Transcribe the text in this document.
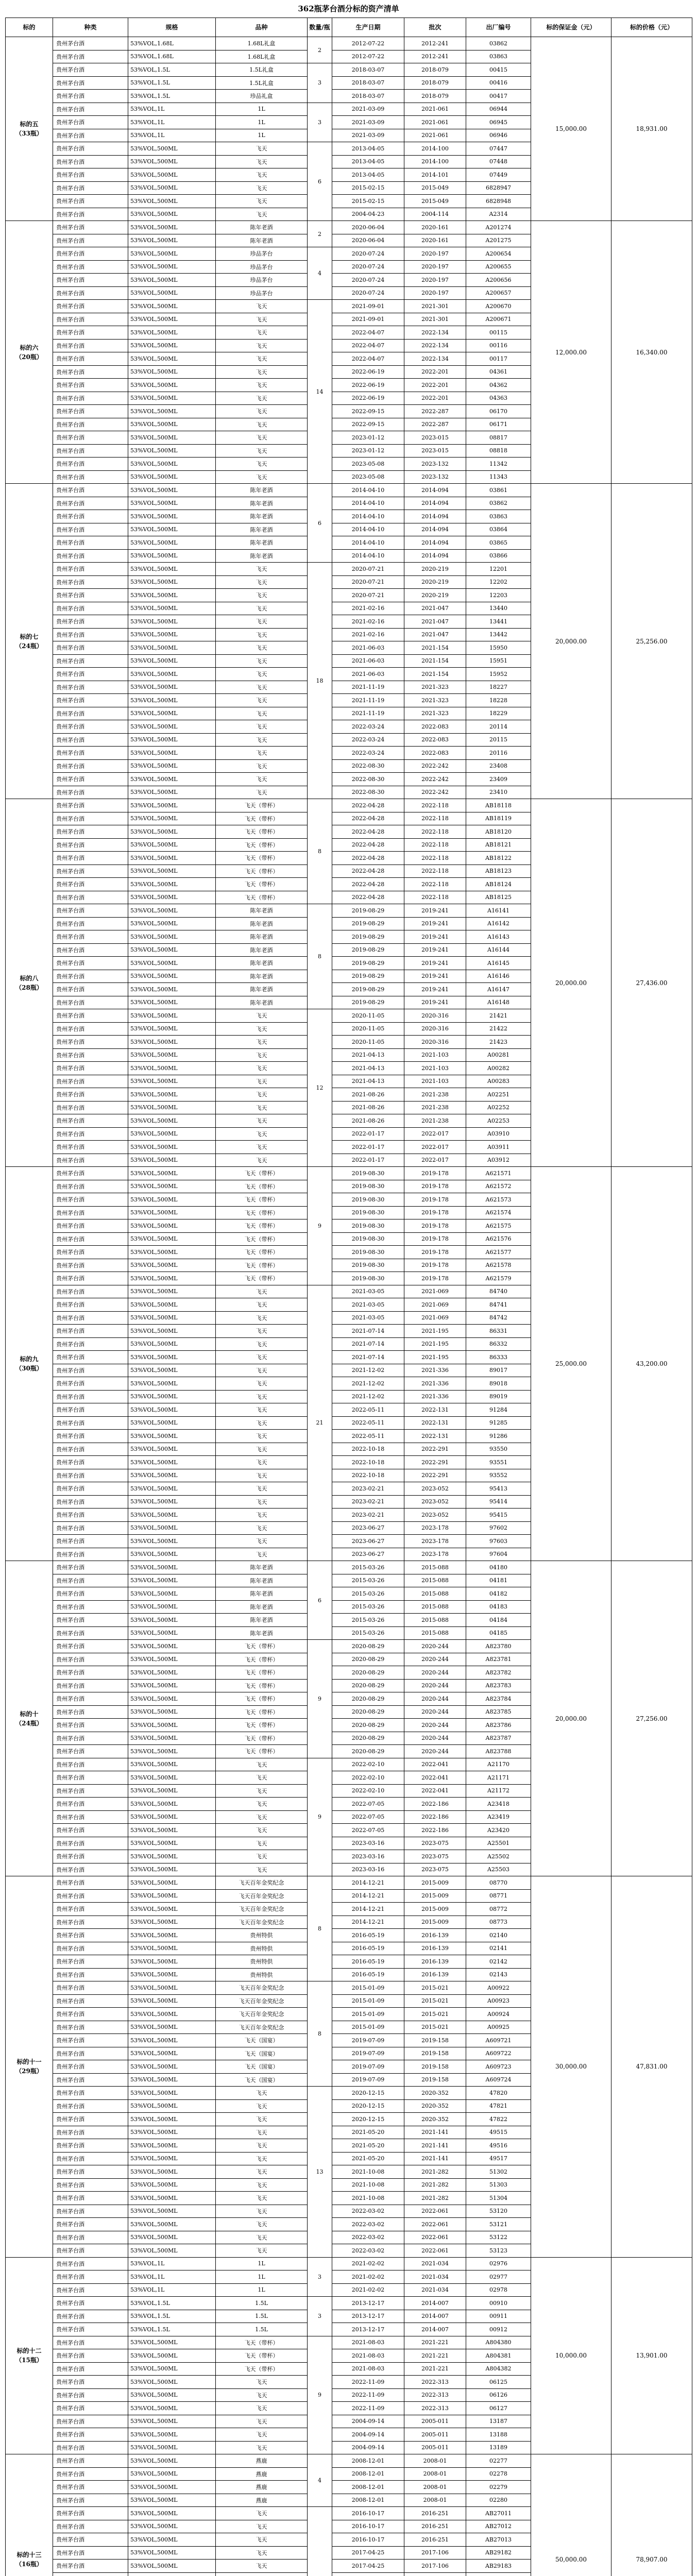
362瓶茅台酒分标的资产清单
标的	种类	规格	品种	数量/瓶	生产日期	批次	出厂编号	标的保证金（元）	标的价格（元）
标的五
（33瓶）	贵州茅台酒	53%VOL,1.68L	1.68L礼盒	2	2012-07-22	2012-241	03862	15,000.00	18,931.00
	贵州茅台酒	53%VOL,1.68L	1.68L礼盒		2012-07-22	2012-241	03863		
	贵州茅台酒	53%VOL,1.5L	1.5L礼盒	3	2018-03-07	2018-079	00415		
	贵州茅台酒	53%VOL,1.5L	1.5L礼盒		2018-03-07	2018-079	00416		
	贵州茅台酒	53%VOL,1.5L	珍品礼盒		2018-03-07	2018-079	00417		
	贵州茅台酒	53%VOL,1L	1L	3	2021-03-09	2021-061	06944		
	贵州茅台酒	53%VOL,1L	1L		2021-03-09	2021-061	06945		
	贵州茅台酒	53%VOL,1L	1L		2021-03-09	2021-061	06946		
	贵州茅台酒	53%VOL,500ML	飞天	6	2013-04-05	2014-100	07447		
	贵州茅台酒	53%VOL,500ML	飞天		2013-04-05	2014-100	07448		
	贵州茅台酒	53%VOL,500ML	飞天		2013-04-05	2014-101	07449		
	贵州茅台酒	53%VOL,500ML	飞天		2015-02-15	2015-049	6828947		
	贵州茅台酒	53%VOL,500ML	飞天		2015-02-15	2015-049	6828948		
	贵州茅台酒	53%VOL,500ML	飞天		2004-04-23	2004-114	A2314		
标的六
（20瓶）	贵州茅台酒	53%VOL,500ML	陈年老酒	2	2020-06-04	2020-161	A201274	12,000.00	16,340.00
	贵州茅台酒	53%VOL,500ML	陈年老酒		2020-06-04	2020-161	A201275		
	贵州茅台酒	53%VOL,500ML	珍品茅台	4	2020-07-24	2020-197	A200654		
	贵州茅台酒	53%VOL,500ML	珍品茅台		2020-07-24	2020-197	A200655		
	贵州茅台酒	53%VOL,500ML	珍品茅台		2020-07-24	2020-197	A200656		
	贵州茅台酒	53%VOL,500ML	珍品茅台		2020-07-24	2020-197	A200657		
	贵州茅台酒	53%VOL,500ML	飞天	14	2021-09-01	2021-301	A200670		
	贵州茅台酒	53%VOL,500ML	飞天		2021-09-01	2021-301	A200671		
	贵州茅台酒	53%VOL,500ML	飞天		2022-04-07	2022-134	00115		
	贵州茅台酒	53%VOL,500ML	飞天		2022-04-07	2022-134	00116		
	贵州茅台酒	53%VOL,500ML	飞天		2022-04-07	2022-134	00117		
	贵州茅台酒	53%VOL,500ML	飞天		2022-06-19	2022-201	04361		
	贵州茅台酒	53%VOL,500ML	飞天		2022-06-19	2022-201	04362		
	贵州茅台酒	53%VOL,500ML	飞天		2022-06-19	2022-201	04363		
	贵州茅台酒	53%VOL,500ML	飞天		2022-09-15	2022-287	06170		
	贵州茅台酒	53%VOL,500ML	飞天		2022-09-15	2022-287	06171		
	贵州茅台酒	53%VOL,500ML	飞天		2023-01-12	2023-015	08817		
	贵州茅台酒	53%VOL,500ML	飞天		2023-01-12	2023-015	08818		
	贵州茅台酒	53%VOL,500ML	飞天		2023-05-08	2023-132	11342		
	贵州茅台酒	53%VOL,500ML	飞天		2023-05-08	2023-132	11343		
标的七
（24瓶）	贵州茅台酒	53%VOL,500ML	陈年老酒	6	2014-04-10	2014-094	03861	20,000.00	25,256.00
	贵州茅台酒	53%VOL,500ML	陈年老酒		2014-04-10	2014-094	03862		
	贵州茅台酒	53%VOL,500ML	陈年老酒		2014-04-10	2014-094	03863		
	贵州茅台酒	53%VOL,500ML	陈年老酒		2014-04-10	2014-094	03864		
	贵州茅台酒	53%VOL,500ML	陈年老酒		2014-04-10	2014-094	03865		
	贵州茅台酒	53%VOL,500ML	陈年老酒		2014-04-10	2014-094	03866		
	贵州茅台酒	53%VOL,500ML	飞天	18	2020-07-21	2020-219	12201		
	贵州茅台酒	53%VOL,500ML	飞天		2020-07-21	2020-219	12202		
	贵州茅台酒	53%VOL,500ML	飞天		2020-07-21	2020-219	12203		
	贵州茅台酒	53%VOL,500ML	飞天		2021-02-16	2021-047	13440		
	贵州茅台酒	53%VOL,500ML	飞天		2021-02-16	2021-047	13441		
	贵州茅台酒	53%VOL,500ML	飞天		2021-02-16	2021-047	13442		
	贵州茅台酒	53%VOL,500ML	飞天		2021-06-03	2021-154	15950		
	贵州茅台酒	53%VOL,500ML	飞天		2021-06-03	2021-154	15951		
	贵州茅台酒	53%VOL,500ML	飞天		2021-06-03	2021-154	15952		
	贵州茅台酒	53%VOL,500ML	飞天		2021-11-19	2021-323	18227		
	贵州茅台酒	53%VOL,500ML	飞天		2021-11-19	2021-323	18228		
	贵州茅台酒	53%VOL,500ML	飞天		2021-11-19	2021-323	18229		
	贵州茅台酒	53%VOL,500ML	飞天		2022-03-24	2022-083	20114		
	贵州茅台酒	53%VOL,500ML	飞天		2022-03-24	2022-083	20115		
	贵州茅台酒	53%VOL,500ML	飞天		2022-03-24	2022-083	20116		
	贵州茅台酒	53%VOL,500ML	飞天		2022-08-30	2022-242	23408		
	贵州茅台酒	53%VOL,500ML	飞天		2022-08-30	2022-242	23409		
	贵州茅台酒	53%VOL,500ML	飞天		2022-08-30	2022-242	23410		
标的八
（28瓶）	贵州茅台酒	53%VOL,500ML	飞天（带杯）	8	2022-04-28	2022-118	AB18118	20,000.00	27,436.00
	贵州茅台酒	53%VOL,500ML	飞天（带杯）		2022-04-28	2022-118	AB18119		
	贵州茅台酒	53%VOL,500ML	飞天（带杯）		2022-04-28	2022-118	AB18120		
	贵州茅台酒	53%VOL,500ML	飞天（带杯）		2022-04-28	2022-118	AB18121		
	贵州茅台酒	53%VOL,500ML	飞天（带杯）		2022-04-28	2022-118	AB18122		
	贵州茅台酒	53%VOL,500ML	飞天（带杯）		2022-04-28	2022-118	AB18123		
	贵州茅台酒	53%VOL,500ML	飞天（带杯）		2022-04-28	2022-118	AB18124		
	贵州茅台酒	53%VOL,500ML	飞天（带杯）		2022-04-28	2022-118	AB18125		
	贵州茅台酒	53%VOL,500ML	陈年老酒	8	2019-08-29	2019-241	A16141		
	贵州茅台酒	53%VOL,500ML	陈年老酒		2019-08-29	2019-241	A16142		
	贵州茅台酒	53%VOL,500ML	陈年老酒		2019-08-29	2019-241	A16143		
	贵州茅台酒	53%VOL,500ML	陈年老酒		2019-08-29	2019-241	A16144		
	贵州茅台酒	53%VOL,500ML	陈年老酒		2019-08-29	2019-241	A16145		
	贵州茅台酒	53%VOL,500ML	陈年老酒		2019-08-29	2019-241	A16146		
	贵州茅台酒	53%VOL,500ML	陈年老酒		2019-08-29	2019-241	A16147		
	贵州茅台酒	53%VOL,500ML	陈年老酒		2019-08-29	2019-241	A16148		
	贵州茅台酒	53%VOL,500ML	飞天	12	2020-11-05	2020-316	21421		
	贵州茅台酒	53%VOL,500ML	飞天		2020-11-05	2020-316	21422		
	贵州茅台酒	53%VOL,500ML	飞天		2020-11-05	2020-316	21423		
	贵州茅台酒	53%VOL,500ML	飞天		2021-04-13	2021-103	A00281		
	贵州茅台酒	53%VOL,500ML	飞天		2021-04-13	2021-103	A00282		
	贵州茅台酒	53%VOL,500ML	飞天		2021-04-13	2021-103	A00283		
	贵州茅台酒	53%VOL,500ML	飞天		2021-08-26	2021-238	A02251		
	贵州茅台酒	53%VOL,500ML	飞天		2021-08-26	2021-238	A02252		
	贵州茅台酒	53%VOL,500ML	飞天		2021-08-26	2021-238	A02253		
	贵州茅台酒	53%VOL,500ML	飞天		2022-01-17	2022-017	A03910		
	贵州茅台酒	53%VOL,500ML	飞天		2022-01-17	2022-017	A03911		
	贵州茅台酒	53%VOL,500ML	飞天		2022-01-17	2022-017	A03912		
标的九
（30瓶）	贵州茅台酒	53%VOL,500ML	飞天（带杯）	9	2019-08-30	2019-178	A621571	25,000.00	43,200.00
	贵州茅台酒	53%VOL,500ML	飞天（带杯）		2019-08-30	2019-178	A621572		
	贵州茅台酒	53%VOL,500ML	飞天（带杯）		2019-08-30	2019-178	A621573		
	贵州茅台酒	53%VOL,500ML	飞天（带杯）		2019-08-30	2019-178	A621574		
	贵州茅台酒	53%VOL,500ML	飞天（带杯）		2019-08-30	2019-178	A621575		
	贵州茅台酒	53%VOL,500ML	飞天（带杯）		2019-08-30	2019-178	A621576		
	贵州茅台酒	53%VOL,500ML	飞天（带杯）		2019-08-30	2019-178	A621577		
	贵州茅台酒	53%VOL,500ML	飞天（带杯）		2019-08-30	2019-178	A621578		
	贵州茅台酒	53%VOL,500ML	飞天（带杯）		2019-08-30	2019-178	A621579		
	贵州茅台酒	53%VOL,500ML	飞天	21	2021-03-05	2021-069	84740		
	贵州茅台酒	53%VOL,500ML	飞天		2021-03-05	2021-069	84741		
	贵州茅台酒	53%VOL,500ML	飞天		2021-03-05	2021-069	84742		
	贵州茅台酒	53%VOL,500ML	飞天		2021-07-14	2021-195	86331		
	贵州茅台酒	53%VOL,500ML	飞天		2021-07-14	2021-195	86332		
	贵州茅台酒	53%VOL,500ML	飞天		2021-07-14	2021-195	86333		
	贵州茅台酒	53%VOL,500ML	飞天		2021-12-02	2021-336	89017		
	贵州茅台酒	53%VOL,500ML	飞天		2021-12-02	2021-336	89018		
	贵州茅台酒	53%VOL,500ML	飞天		2021-12-02	2021-336	89019		
	贵州茅台酒	53%VOL,500ML	飞天		2022-05-11	2022-131	91284		
	贵州茅台酒	53%VOL,500ML	飞天		2022-05-11	2022-131	91285		
	贵州茅台酒	53%VOL,500ML	飞天		2022-05-11	2022-131	91286		
	贵州茅台酒	53%VOL,500ML	飞天		2022-10-18	2022-291	93550		
	贵州茅台酒	53%VOL,500ML	飞天		2022-10-18	2022-291	93551		
	贵州茅台酒	53%VOL,500ML	飞天		2022-10-18	2022-291	93552		
	贵州茅台酒	53%VOL,500ML	飞天		2023-02-21	2023-052	95413		
	贵州茅台酒	53%VOL,500ML	飞天		2023-02-21	2023-052	95414		
	贵州茅台酒	53%VOL,500ML	飞天		2023-02-21	2023-052	95415		
	贵州茅台酒	53%VOL,500ML	飞天		2023-06-27	2023-178	97602		
	贵州茅台酒	53%VOL,500ML	飞天		2023-06-27	2023-178	97603		
	贵州茅台酒	53%VOL,500ML	飞天		2023-06-27	2023-178	97604		
标的十
（24瓶）	贵州茅台酒	53%VOL,500ML	陈年老酒	6	2015-03-26	2015-088	04180	20,000.00	27,256.00
	贵州茅台酒	53%VOL,500ML	陈年老酒		2015-03-26	2015-088	04181		
	贵州茅台酒	53%VOL,500ML	陈年老酒		2015-03-26	2015-088	04182		
	贵州茅台酒	53%VOL,500ML	陈年老酒		2015-03-26	2015-088	04183		
	贵州茅台酒	53%VOL,500ML	陈年老酒		2015-03-26	2015-088	04184		
	贵州茅台酒	53%VOL,500ML	陈年老酒		2015-03-26	2015-088	04185		
	贵州茅台酒	53%VOL,500ML	飞天（带杯）	9	2020-08-29	2020-244	A823780		
	贵州茅台酒	53%VOL,500ML	飞天（带杯）		2020-08-29	2020-244	A823781		
	贵州茅台酒	53%VOL,500ML	飞天（带杯）		2020-08-29	2020-244	A823782		
	贵州茅台酒	53%VOL,500ML	飞天（带杯）		2020-08-29	2020-244	A823783		
	贵州茅台酒	53%VOL,500ML	飞天（带杯）		2020-08-29	2020-244	A823784		
	贵州茅台酒	53%VOL,500ML	飞天（带杯）		2020-08-29	2020-244	A823785		
	贵州茅台酒	53%VOL,500ML	飞天（带杯）		2020-08-29	2020-244	A823786		
	贵州茅台酒	53%VOL,500ML	飞天（带杯）		2020-08-29	2020-244	A823787		
	贵州茅台酒	53%VOL,500ML	飞天（带杯）		2020-08-29	2020-244	A823788		
	贵州茅台酒	53%VOL,500ML	飞天	9	2022-02-10	2022-041	A21170		
	贵州茅台酒	53%VOL,500ML	飞天		2022-02-10	2022-041	A21171		
	贵州茅台酒	53%VOL,500ML	飞天		2022-02-10	2022-041	A21172		
	贵州茅台酒	53%VOL,500ML	飞天		2022-07-05	2022-186	A23418		
	贵州茅台酒	53%VOL,500ML	飞天		2022-07-05	2022-186	A23419		
	贵州茅台酒	53%VOL,500ML	飞天		2022-07-05	2022-186	A23420		
	贵州茅台酒	53%VOL,500ML	飞天		2023-03-16	2023-075	A25501		
	贵州茅台酒	53%VOL,500ML	飞天		2023-03-16	2023-075	A25502		
	贵州茅台酒	53%VOL,500ML	飞天		2023-03-16	2023-075	A25503		
标的十一
（29瓶）	贵州茅台酒	53%VOL,500ML	飞天百年金奖纪念	8	2014-12-21	2015-009	08770	30,000.00	47,831.00
	贵州茅台酒	53%VOL,500ML	飞天百年金奖纪念		2014-12-21	2015-009	08771		
	贵州茅台酒	53%VOL,500ML	飞天百年金奖纪念		2014-12-21	2015-009	08772		
	贵州茅台酒	53%VOL,500ML	飞天百年金奖纪念		2014-12-21	2015-009	08773		
	贵州茅台酒	53%VOL,500ML	贵州特供		2016-05-19	2016-139	02140		
	贵州茅台酒	53%VOL,500ML	贵州特供		2016-05-19	2016-139	02141		
	贵州茅台酒	53%VOL,500ML	贵州特供		2016-05-19	2016-139	02142		
	贵州茅台酒	53%VOL,500ML	贵州特供		2016-05-19	2016-139	02143		
	贵州茅台酒	53%VOL,500ML	飞天百年金奖纪念	8	2015-01-09	2015-021	A00922		
	贵州茅台酒	53%VOL,500ML	飞天百年金奖纪念		2015-01-09	2015-021	A00923		
	贵州茅台酒	53%VOL,500ML	飞天百年金奖纪念		2015-01-09	2015-021	A00924		
	贵州茅台酒	53%VOL,500ML	飞天百年金奖纪念		2015-01-09	2015-021	A00925		
	贵州茅台酒	53%VOL,500ML	飞天（国宴）		2019-07-09	2019-158	A609721		
	贵州茅台酒	53%VOL,500ML	飞天（国宴）		2019-07-09	2019-158	A609722		
	贵州茅台酒	53%VOL,500ML	飞天（国宴）		2019-07-09	2019-158	A609723		
	贵州茅台酒	53%VOL,500ML	飞天（国宴）		2019-07-09	2019-158	A609724		
	贵州茅台酒	53%VOL,500ML	飞天	13	2020-12-15	2020-352	47820		
	贵州茅台酒	53%VOL,500ML	飞天		2020-12-15	2020-352	47821		
	贵州茅台酒	53%VOL,500ML	飞天		2020-12-15	2020-352	47822		
	贵州茅台酒	53%VOL,500ML	飞天		2021-05-20	2021-141	49515		
	贵州茅台酒	53%VOL,500ML	飞天		2021-05-20	2021-141	49516		
	贵州茅台酒	53%VOL,500ML	飞天		2021-05-20	2021-141	49517		
	贵州茅台酒	53%VOL,500ML	飞天		2021-10-08	2021-282	51302		
	贵州茅台酒	53%VOL,500ML	飞天		2021-10-08	2021-282	51303		
	贵州茅台酒	53%VOL,500ML	飞天		2021-10-08	2021-282	51304		
	贵州茅台酒	53%VOL,500ML	飞天		2022-03-02	2022-061	53120		
	贵州茅台酒	53%VOL,500ML	飞天		2022-03-02	2022-061	53121		
	贵州茅台酒	53%VOL,500ML	飞天		2022-03-02	2022-061	53122		
	贵州茅台酒	53%VOL,500ML	飞天		2022-03-02	2022-061	53123		
标的十二
（15瓶）	贵州茅台酒	53%VOL,1L	1L	3	2021-02-02	2021-034	02976	10,000.00	13,901.00
	贵州茅台酒	53%VOL,1L	1L		2021-02-02	2021-034	02977		
	贵州茅台酒	53%VOL,1L	1L		2021-02-02	2021-034	02978		
	贵州茅台酒	53%VOL,1.5L	1.5L	3	2013-12-17	2014-007	00910		
	贵州茅台酒	53%VOL,1.5L	1.5L		2013-12-17	2014-007	00911		
	贵州茅台酒	53%VOL,1.5L	1.5L		2013-12-17	2014-007	00912		
	贵州茅台酒	53%VOL,500ML	飞天（带杯）	9	2021-08-03	2021-221	A804380		
	贵州茅台酒	53%VOL,500ML	飞天（带杯）		2021-08-03	2021-221	A804381		
	贵州茅台酒	53%VOL,500ML	飞天（带杯）		2021-08-03	2021-221	A804382		
	贵州茅台酒	53%VOL,500ML	飞天		2022-11-09	2022-313	06125		
	贵州茅台酒	53%VOL,500ML	飞天		2022-11-09	2022-313	06126		
	贵州茅台酒	53%VOL,500ML	飞天		2022-11-09	2022-313	06127		
	贵州茅台酒	53%VOL,500ML	飞天		2004-09-14	2005-011	13187		
	贵州茅台酒	53%VOL,500ML	飞天		2004-09-14	2005-011	13188		
	贵州茅台酒	53%VOL,500ML	飞天		2004-09-14	2005-011	13189		
标的十三
（16瓶）	贵州茅台酒	53%VOL,500ML	燕鹿	4	2008-12-01	2008-01	02277	50,000.00	78,907.00
	贵州茅台酒	53%VOL,500ML	燕鹿		2008-12-01	2008-01	02278		
	贵州茅台酒	53%VOL,500ML	燕鹿		2008-12-01	2008-01	02279		
	贵州茅台酒	53%VOL,500ML	燕鹿		2008-12-01	2008-01	02280		
	贵州茅台酒	53%VOL,500ML	飞天		2016-10-17	2016-251	AB27011		
	贵州茅台酒	53%VOL,500ML	飞天		2016-10-17	2016-251	AB27012		
	贵州茅台酒	53%VOL,500ML	飞天		2016-10-17	2016-251	AB27013		
	贵州茅台酒	53%VOL,500ML	飞天		2017-04-25	2017-106	AB29182		
	贵州茅台酒	53%VOL,500ML	飞天		2017-04-25	2017-106	AB29183		
